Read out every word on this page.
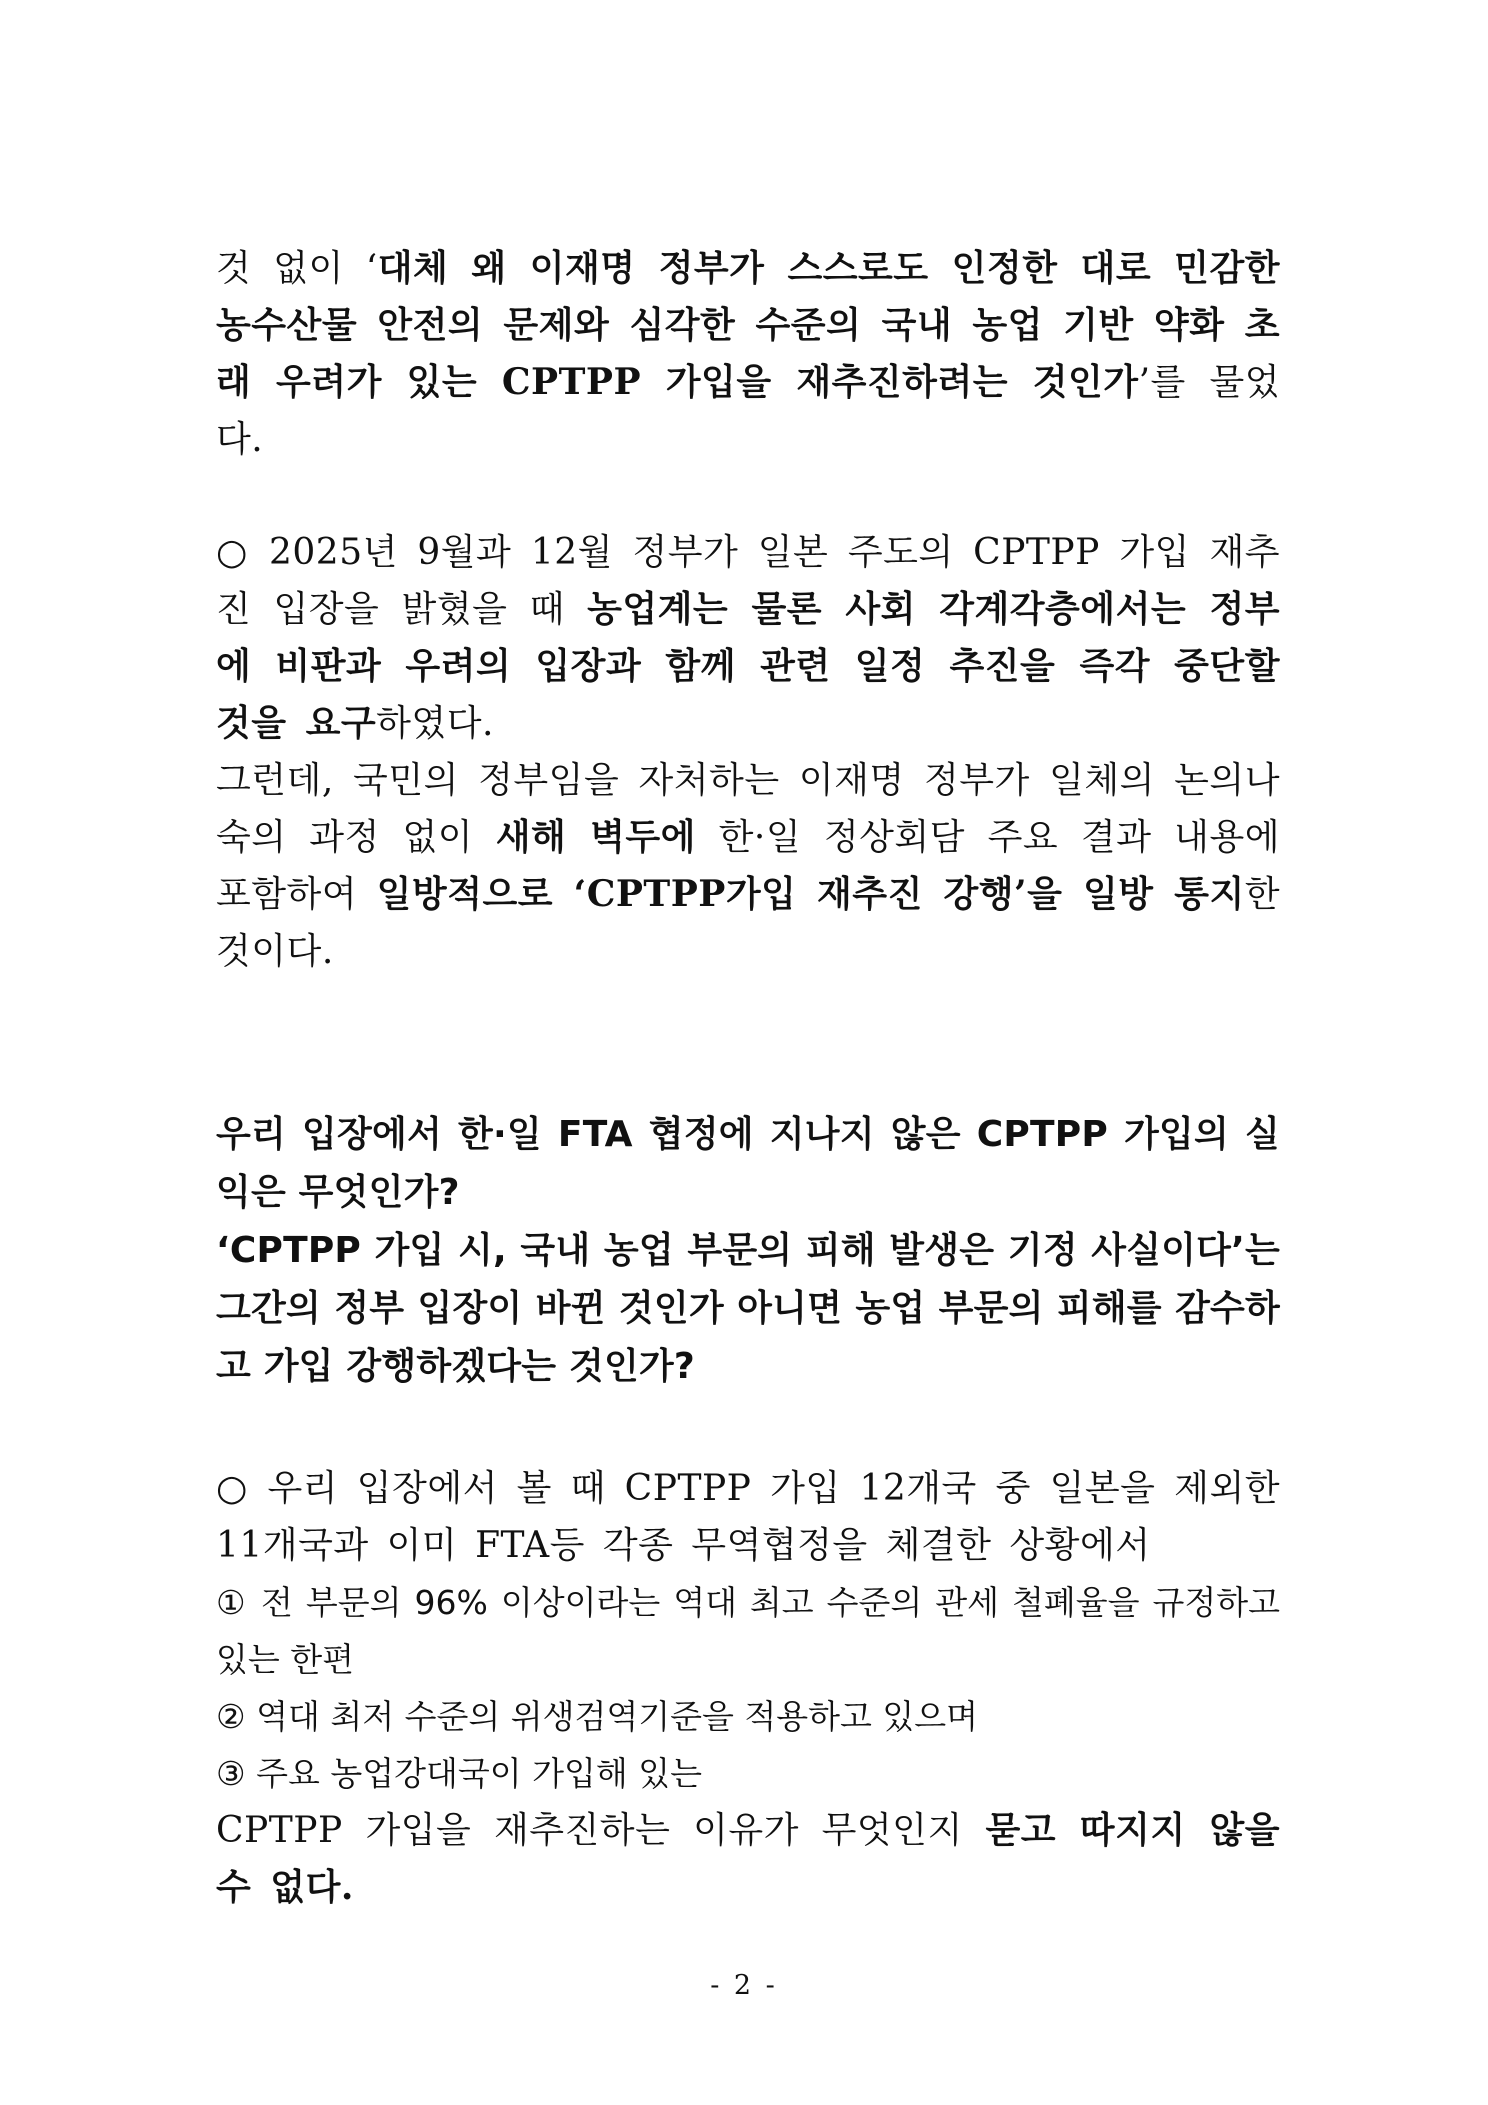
것 없이 ‘대체 왜 이재명 정부가 스스로도 인정한 대로 민감한 농수산물 안전의 문제와 심각한 수준의 국내 농업 기반 약화 초래 우려가 있는 CPTPP 가입을 재추진하려는 것인가’를 물었다.

○ 2025년 9월과 12월 정부가 일본 주도의 CPTPP 가입 재추진 입장을 밝혔을 때 농업계는 물론 사회 각계각층에서는 정부에 비판과 우려의 입장과 함께 관련 일정 추진을 즉각 중단할 것을 요구하였다.

그런데, 국민의 정부임을 자처하는 이재명 정부가 일체의 논의나 숙의 과정 없이 새해 벽두에 한·일 정상회담 주요 결과 내용에 포함하여 일방적으로 ‘CPTPP가입 재추진 강행’을 일방 통지한 것이다.

우리 입장에서 한·일 FTA 협정에 지나지 않은 CPTPP 가입의 실익은 무엇인가?

‘CPTPP 가입 시, 국내 농업 부문의 피해 발생은 기정 사실이다’는 그간의 정부 입장이 바뀐 것인가 아니면 농업 부문의 피해를 감수하고 가입 강행하겠다는 것인가?

○ 우리 입장에서 볼 때 CPTPP 가입 12개국 중 일본을 제외한 11개국과 이미 FTA등 각종 무역협정을 체결한 상황에서

① 전 부문의 96% 이상이라는 역대 최고 수준의 관세 철폐율을 규정하고 있는 한편

② 역대 최저 수준의 위생검역기준을 적용하고 있으며

③ 주요 농업강대국이 가입해 있는

CPTPP 가입을 재추진하는 이유가 무엇인지 묻고 따지지 않을 수 없다.

- 2 -
